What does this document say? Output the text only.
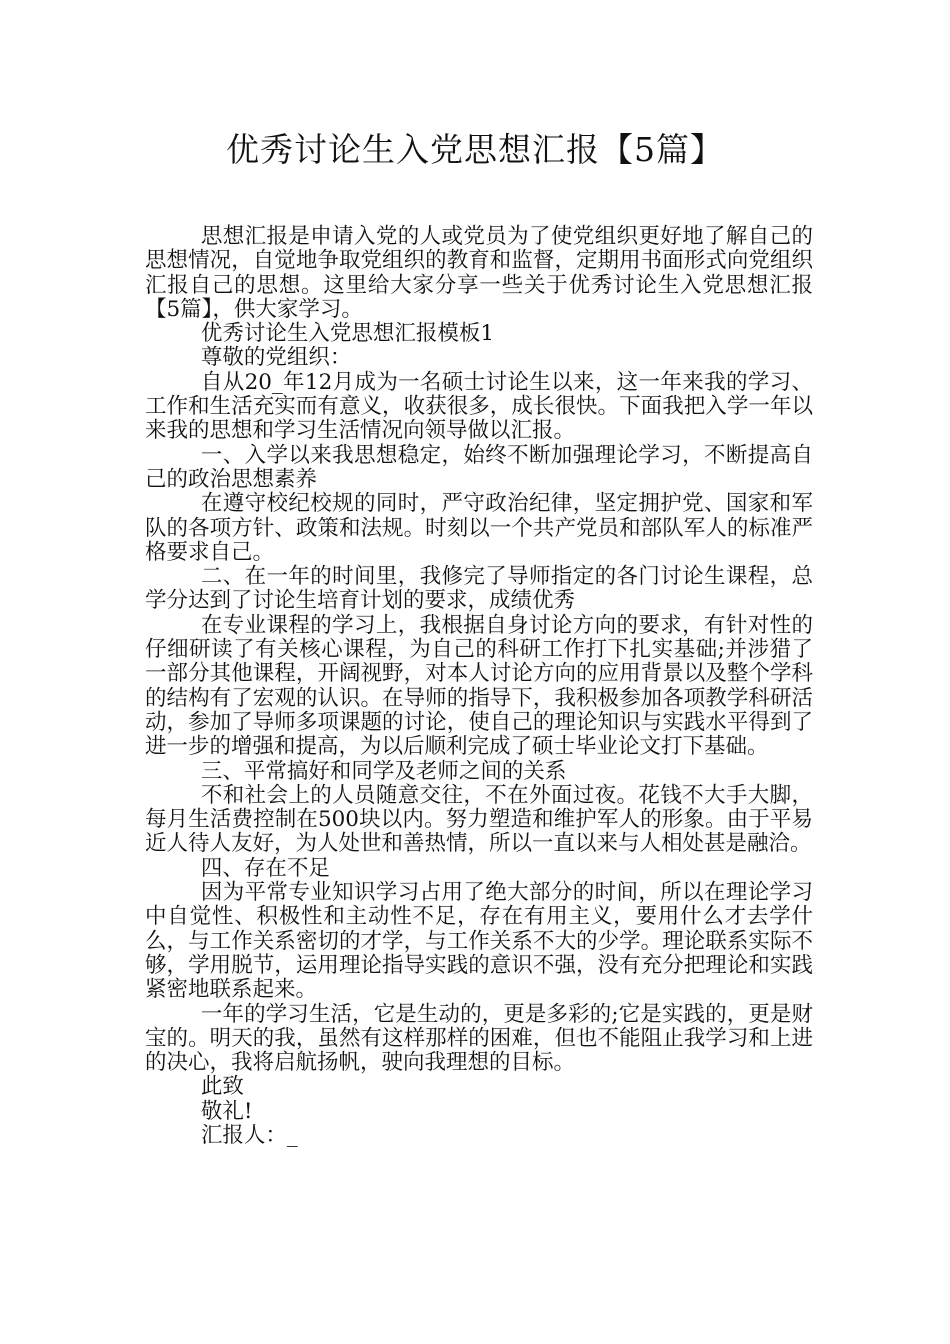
优秀讨论生入党思想汇报【5篇】

思想汇报是申请入党的人或党员为了使党组织更好地了解自己的思想情况，自觉地争取党组织的教育和监督，定期用书面形式向党组织汇报自己的思想。这里给大家分享一些关于优秀讨论生入党思想汇报【5篇】，供大家学习。

优秀讨论生入党思想汇报模板1

尊敬的党组织：

自从20_年12月成为一名硕士讨论生以来，这一年来我的学习、工作和生活充实而有意义，收获很多，成长很快。下面我把入学一年以来我的思想和学习生活情况向领导做以汇报。

一、入学以来我思想稳定，始终不断加强理论学习，不断提高自己的政治思想素养

在遵守校纪校规的同时，严守政治纪律，坚定拥护党、国家和军队的各项方针、政策和法规。时刻以一个共产党员和部队军人的标准严格要求自己。

二、在一年的时间里，我修完了导师指定的各门讨论生课程，总学分达到了讨论生培育计划的要求，成绩优秀

在专业课程的学习上，我根据自身讨论方向的要求，有针对性的仔细研读了有关核心课程，为自己的科研工作打下扎实基础;并涉猎了一部分其他课程，开阔视野，对本人讨论方向的应用背景以及整个学科的结构有了宏观的认识。在导师的指导下，我积极参加各项教学科研活动，参加了导师多项课题的讨论，使自己的理论知识与实践水平得到了进一步的增强和提高，为以后顺利完成了硕士毕业论文打下基础。

三、平常搞好和同学及老师之间的关系

不和社会上的人员随意交往，不在外面过夜。花钱不大手大脚，每月生活费控制在500块以内。努力塑造和维护军人的形象。由于平易近人待人友好，为人处世和善热情，所以一直以来与人相处甚是融洽。

四、存在不足

因为平常专业知识学习占用了绝大部分的时间，所以在理论学习中自觉性、积极性和主动性不足，存在有用主义，要用什么才去学什么，与工作关系密切的才学，与工作关系不大的少学。理论联系实际不够，学用脱节，运用理论指导实践的意识不强，没有充分把理论和实践紧密地联系起来。

一年的学习生活，它是生动的，更是多彩的;它是实践的，更是财宝的。明天的我，虽然有这样那样的困难，但也不能阻止我学习和上进的决心，我将启航扬帆，驶向我理想的目标。

此致

敬礼!

汇报人：_
